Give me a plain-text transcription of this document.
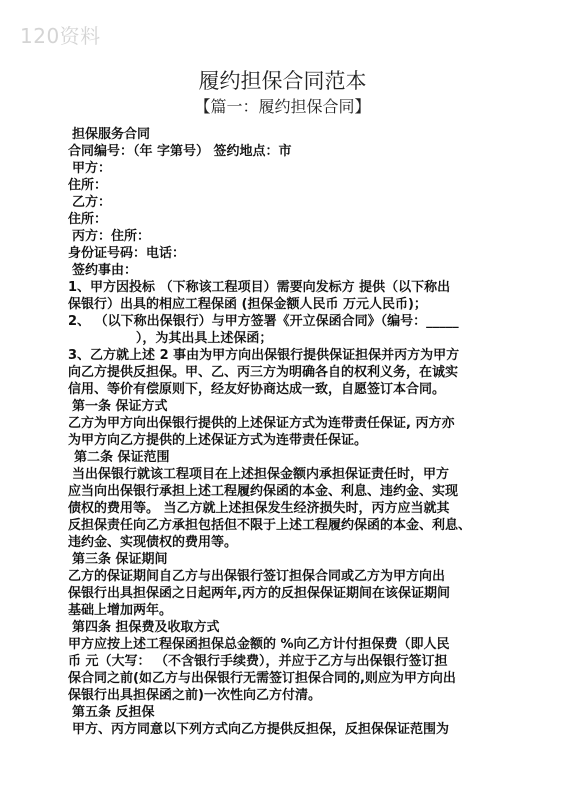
120资料
履约担保合同范本
【篇一：履约担保合同】

担保服务合同

合同编号：（年 字第号） 签约地点：市

甲方：

住所：

乙方：

住所：

丙方：住所：

身份证号码：电话：

签约事由：

1、甲方因投标 （下称该工程项目）需要向发标方 提供（以下称出

保银行）出具的相应工程保函 (担保金额人民币 万元人民币)；

2、 （以下称出保银行）与甲方签署《开立保函合同》（编号：_____

），为其出具上述保函；

3、乙方就上述 2 事由为甲方向出保银行提供保证担保并丙方为甲方

向乙方提供反担保。甲、乙、丙三方为明确各自的权利义务，在诚实

信用、等价有偿原则下，经友好协商达成一致，自愿签订本合同。

第一条 保证方式

乙方为甲方向出保银行提供的上述保证方式为连带责任保证, 丙方亦

为甲方向乙方提供的上述保证方式为连带责任保证。

第二条 保证范围

当出保银行就该工程项目在上述担保金额内承担保证责任时，甲方

应当向出保银行承担上述工程履约保函的本金、利息、违约金、实现

债权的费用等。 当乙方就上述担保发生经济损失时，丙方应当就其

反担保责任向乙方承担包括但不限于上述工程履约保函的本金、利息、

违约金、实现债权的费用等。

第三条 保证期间

乙方的保证期间自乙方与出保银行签订担保合同或乙方为甲方向出

保银行出具担保函之日起两年,丙方的反担保保证期间在该保证期间

基础上增加两年。

第四条 担保费及收取方式

甲方应按上述工程保函担保总金额的 %向乙方计付担保费（即人民

币 元（大写： （不含银行手续费），并应于乙方与出保银行签订担

保合同之前(如乙方与出保银行无需签订担保合同的,则应为甲方向出

保银行出具担保函之前)一次性向乙方付清。

第五条 反担保

甲方、丙方同意以下列方式向乙方提供反担保，反担保保证范围为
